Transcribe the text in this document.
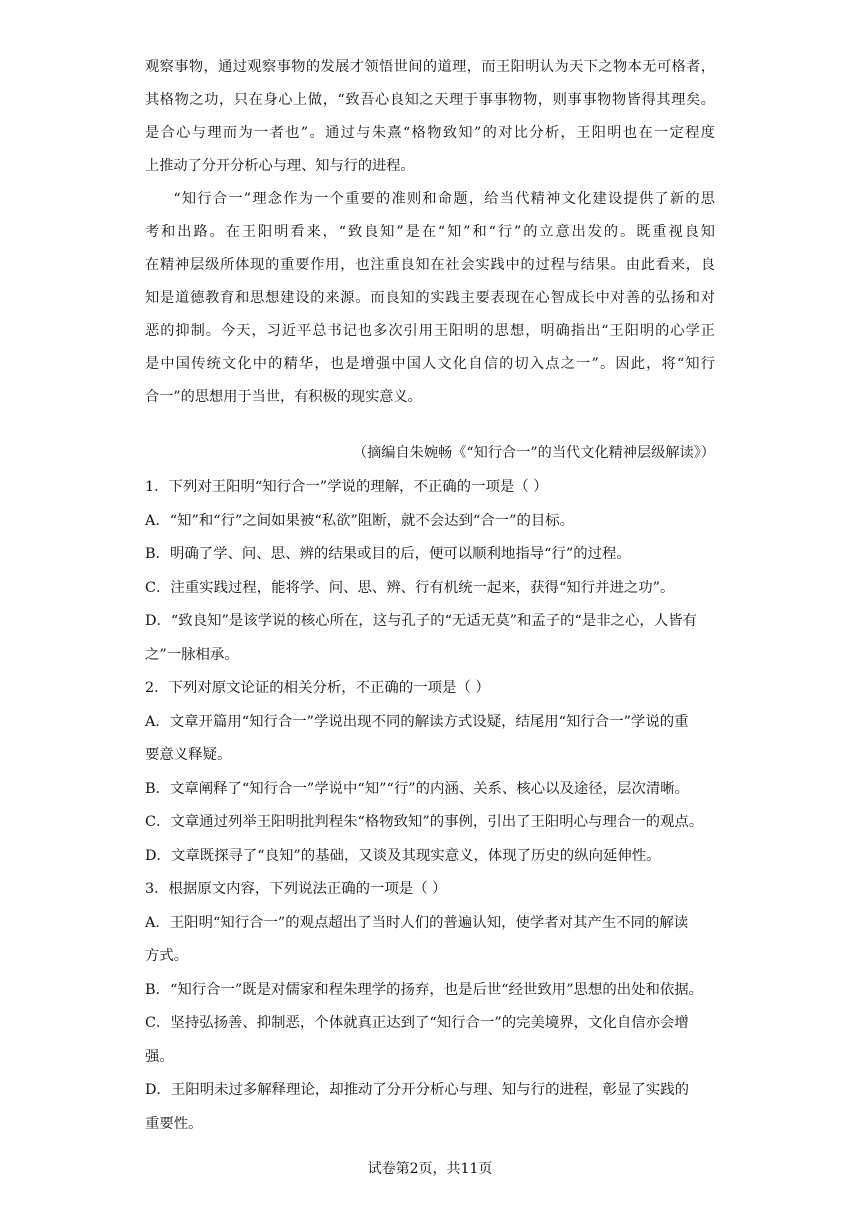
观察事物，通过观察事物的发展才领悟世间的道理，而王阳明认为天下之物本无可格者，

其格物之功，只在身心上做，“致吾心良知之天理于事事物物，则事事物物皆得其理矣。

是合心与理而为一者也”。通过与朱熹“格物致知”的对比分析，王阳明也在一定程度

上推动了分开分析心与理、知与行的进程。

“知行合一”理念作为一个重要的准则和命题，给当代精神文化建设提供了新的思

考和出路。在王阳明看来，“致良知”是在“知”和“行”的立意出发的。既重视良知

在精神层级所体现的重要作用，也注重良知在社会实践中的过程与结果。由此看来，良

知是道德教育和思想建设的来源。而良知的实践主要表现在心智成长中对善的弘扬和对

恶的抑制。今天，习近平总书记也多次引用王阳明的思想，明确指出“王阳明的心学正

是中国传统文化中的精华，也是增强中国人文化自信的切入点之一”。因此，将“知行

合一”的思想用于当世，有积极的现实意义。

（摘编自朱婉畅《“知行合一”的当代文化精神层级解读》）

1．下列对王阳明“知行合一”学说的理解，不正确的一项是（ ）

A．“知”和“行”之间如果被“私欲”阻断，就不会达到“合一”的目标。

B．明确了学、问、思、辨的结果或目的后，便可以顺利地指导“行”的过程。

C．注重实践过程，能将学、问、思、辨、行有机统一起来，获得“知行并进之功”。

D．“致良知”是该学说的核心所在，这与孔子的“无适无莫”和孟子的“是非之心，人皆有

之”一脉相承。

2．下列对原文论证的相关分析，不正确的一项是（ ）

A．文章开篇用“知行合一”学说出现不同的解读方式设疑，结尾用“知行合一”学说的重

要意义释疑。

B．文章阐释了“知行合一”学说中“知”“行”的内涵、关系、核心以及途径，层次清晰。

C．文章通过列举王阳明批判程朱“格物致知”的事例，引出了王阳明心与理合一的观点。

D．文章既探寻了“良知”的基础，又谈及其现实意义，体现了历史的纵向延伸性。

3．根据原文内容，下列说法正确的一项是（ ）

A．王阳明“知行合一”的观点超出了当时人们的普遍认知，使学者对其产生不同的解读

方式。

B．“知行合一”既是对儒家和程朱理学的扬弃，也是后世“经世致用”思想的出处和依据。

C．坚持弘扬善、抑制恶，个体就真正达到了“知行合一”的完美境界，文化自信亦会增

强。

D．王阳明未过多解释理论，却推动了分开分析心与理、知与行的进程，彰显了实践的

重要性。

试卷第2页，共11页
